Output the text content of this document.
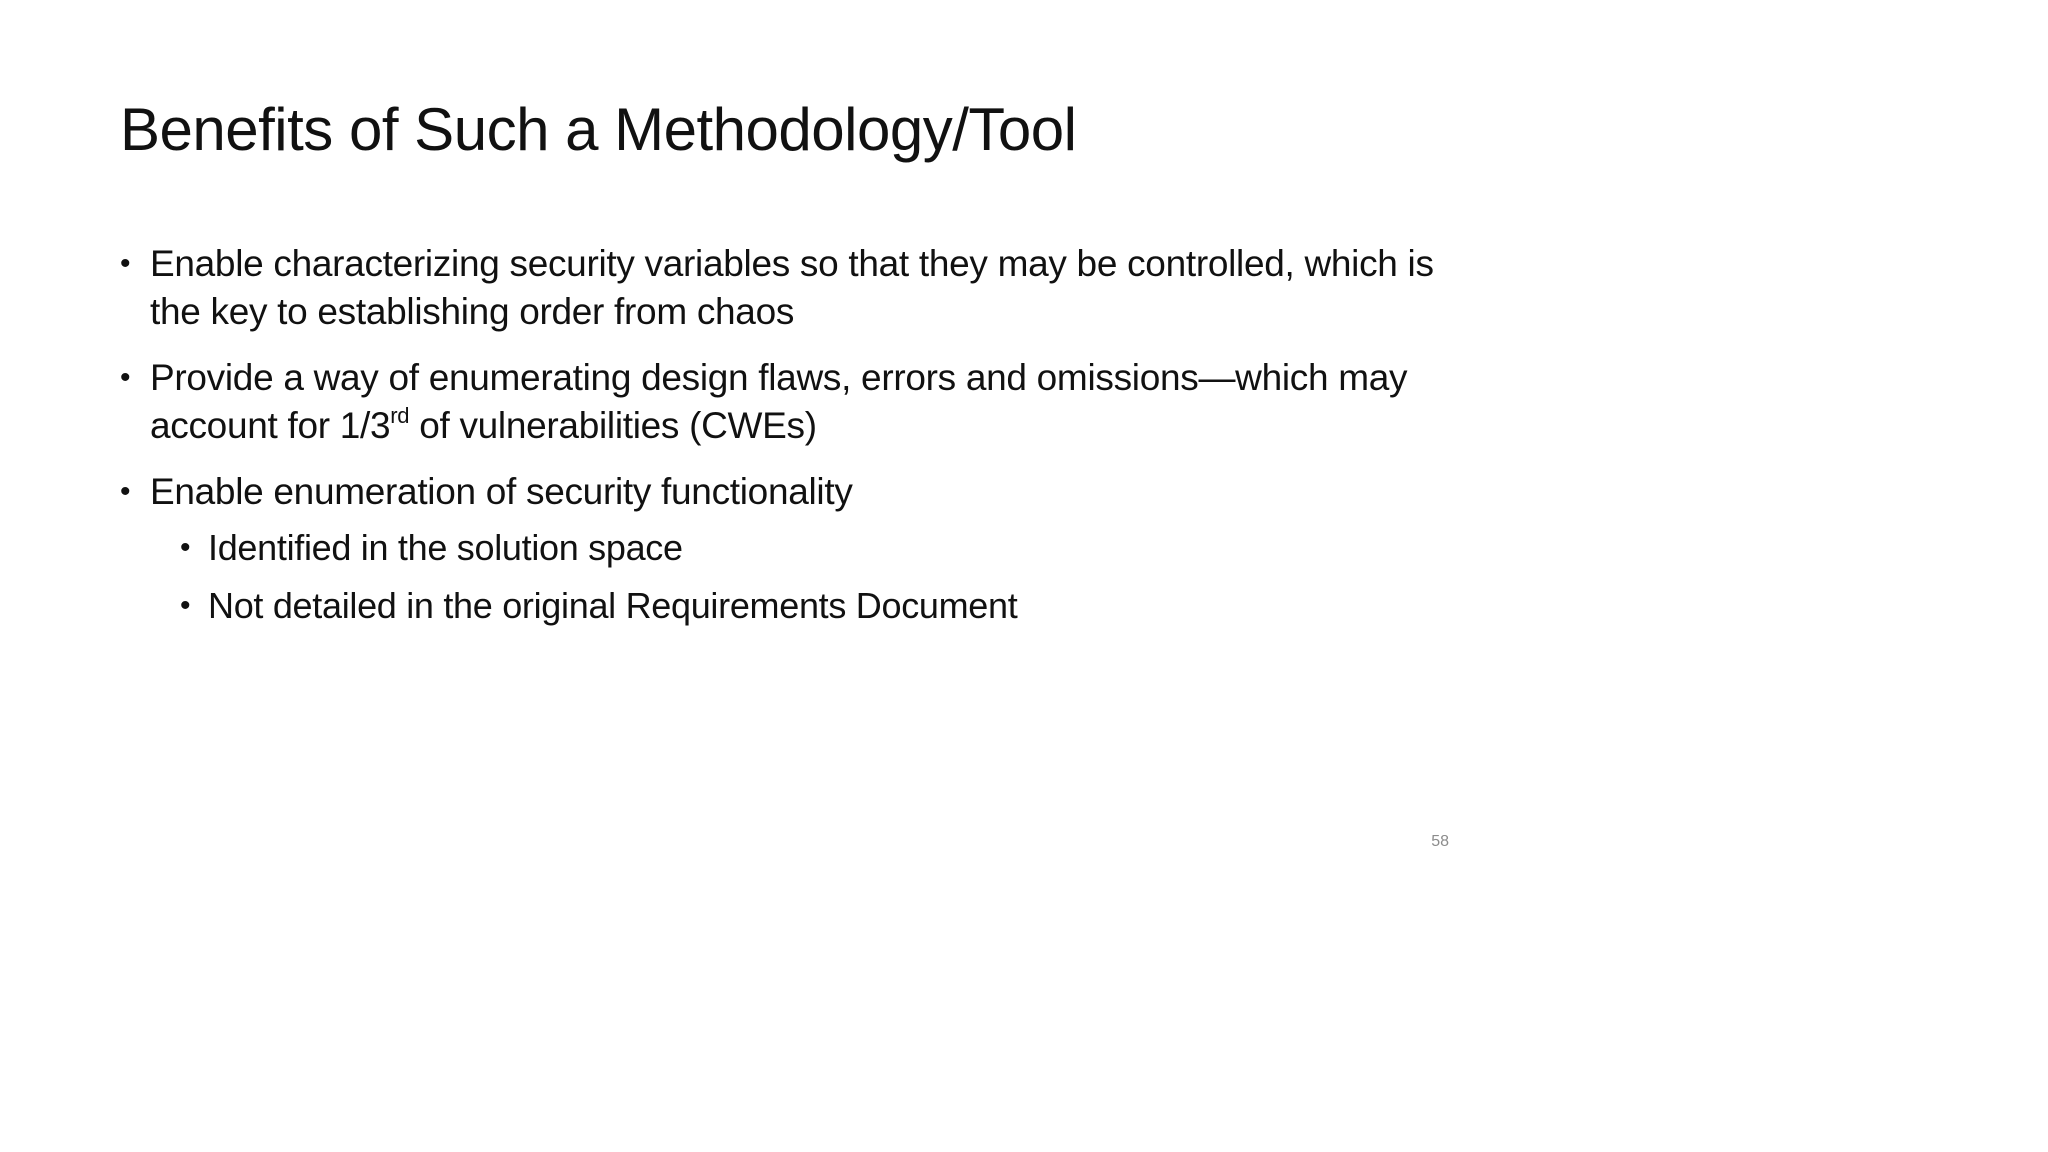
Benefits of Such a Methodology/Tool
• Enable characterizing security variables so that they may be controlled, which is the key to establishing order from chaos
• Provide a way of enumerating design flaws, errors and omissions—which may account for 1/3rd of vulnerabilities (CWEs)
• Enable enumeration of security functionality
• Identified in the solution space
• Not detailed in the original Requirements Document
58
